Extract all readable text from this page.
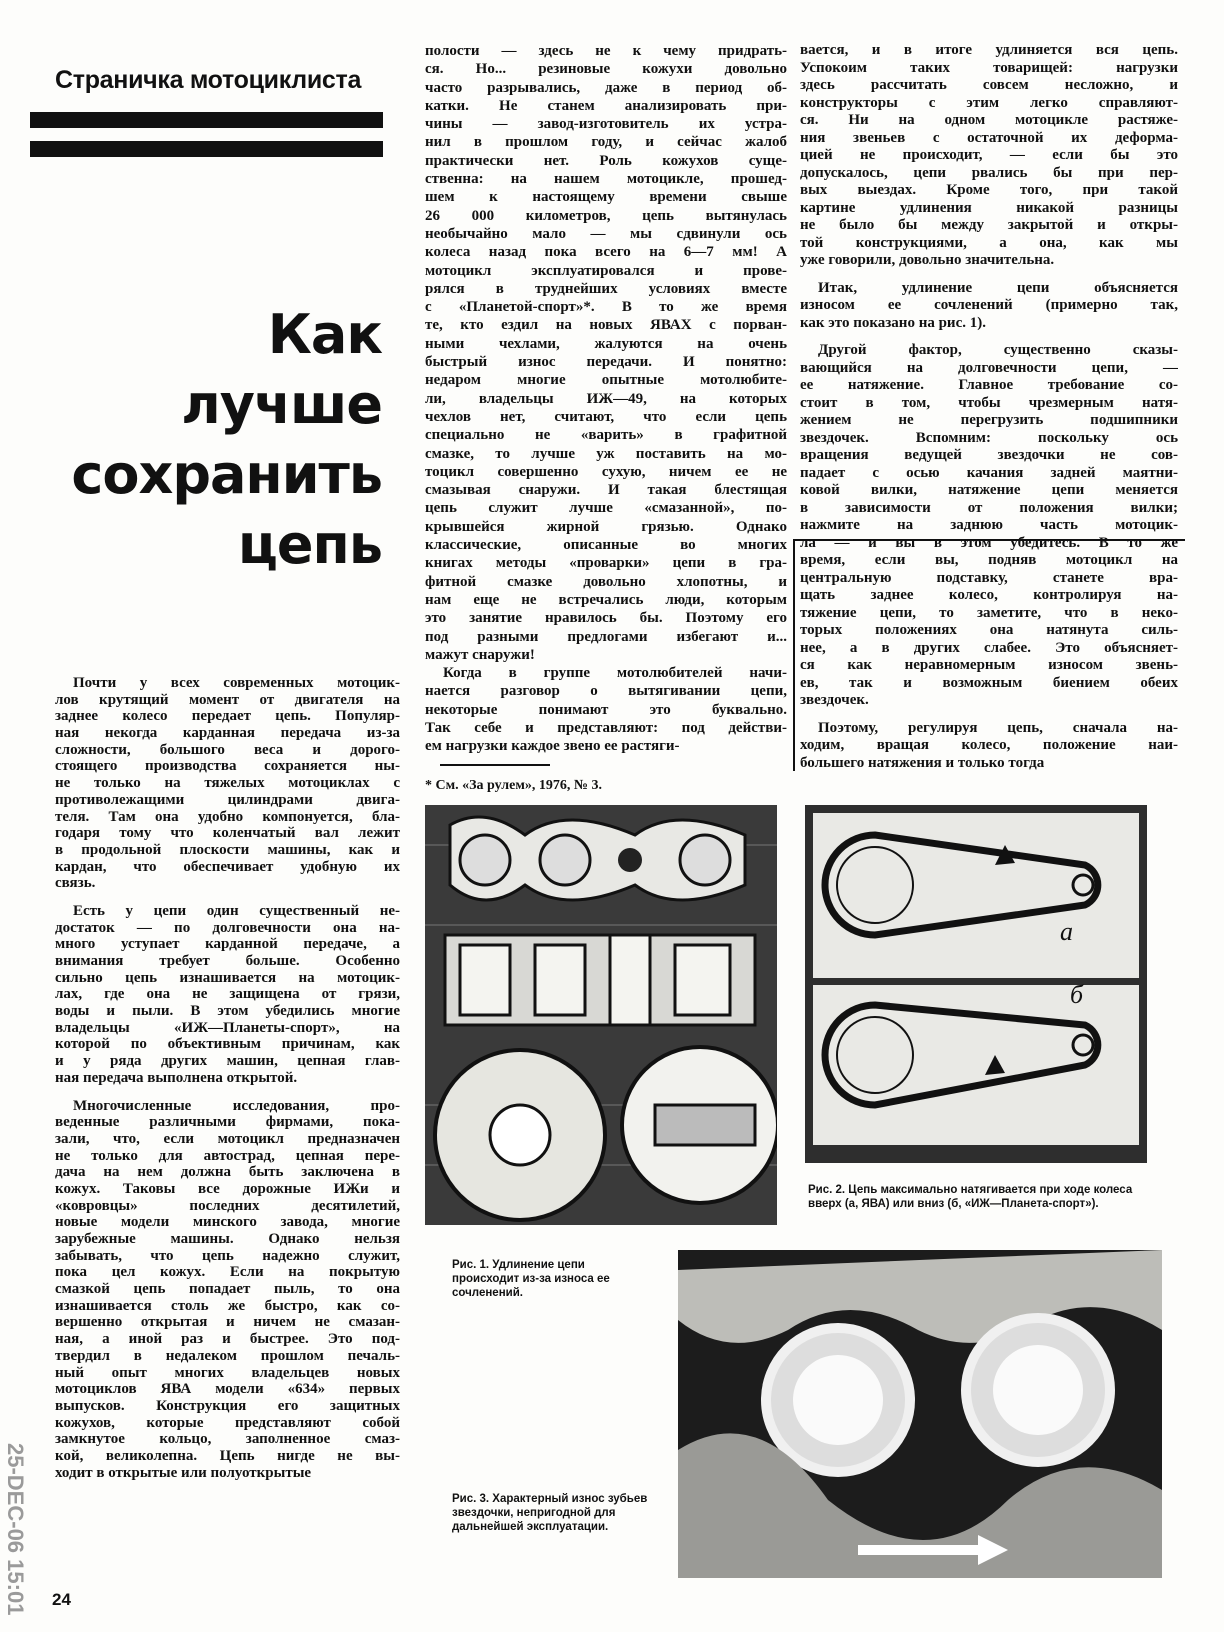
Страничка мотоциклиста
Как
лучше
сохранить
цепь
Почти у всех современных мотоцик-
лов крутящий момент от двигателя на
заднее колесо передает цепь. Популяр-
ная некогда карданная передача из-за
сложности, большого веса и дорого-
стоящего производства сохраняется ны-
не только на тяжелых мотоциклах с
противолежащими цилиндрами двига-
теля. Там она удобно компонуется, бла-
годаря тому что коленчатый вал лежит
в продольной плоскости машины, как и
кардан, что обеспечивает удобную их
связь.
Есть у цепи один существенный не-
достаток — по долговечности она на-
много уступает карданной передаче, а
внимания требует больше. Особенно
сильно цепь изнашивается на мотоцик-
лах, где она не защищена от грязи,
воды и пыли. В этом убедились многие
владельцы «ИЖ—Планеты-спорт», на
которой по объективным причинам, как
и у ряда других машин, цепная глав-
ная передача выполнена открытой.
Многочисленные исследования, про-
веденные различными фирмами, пока-
зали, что, если мотоцикл предназначен
не только для автострад, цепная пере-
дача на нем должна быть заключена в
кожух. Таковы все дорожные ИЖи и
«ковровцы» последних десятилетий,
новые модели минского завода, многие
зарубежные машины. Однако нельзя
забывать, что цепь надежно служит,
пока цел кожух. Если на покрытую
смазкой цепь попадает пыль, то она
изнашивается столь же быстро, как со-
вершенно открытая и ничем не смазан-
ная, а иной раз и быстрее. Это под-
твердил в недалеком прошлом печаль-
ный опыт многих владельцев новых
мотоциклов ЯВА модели «634» первых
выпусков. Конструкция его защитных
кожухов, которые представляют собой
замкнутое кольцо, заполненное смаз-
кой, великолепна. Цепь нигде не вы-
ходит в открытые или полуоткрытые
полости — здесь не к чему придрать-
ся. Но... резиновые кожухи довольно
часто разрывались, даже в период об-
катки. Не станем анализировать при-
чины — завод-изготовитель их устра-
нил в прошлом году, и сейчас жалоб
практически нет. Роль кожухов суще-
ственна: на нашем мотоцикле, прошед-
шем к настоящему времени свыше
26 000 километров, цепь вытянулась
необычайно мало — мы сдвинули ось
колеса назад пока всего на 6—7 мм! А
мотоцикл эксплуатировался и прове-
рялся в труднейших условиях вместе
с «Планетой-спорт»*. В то же время
те, кто ездил на новых ЯВАХ с порван-
ными чехлами, жалуются на очень
быстрый износ передачи. И понятно:
недаром многие опытные мотолюбите-
ли, владельцы ИЖ—49, на которых
чехлов нет, считают, что если цепь
специально не «варить» в графитной
смазке, то лучше уж поставить на мо-
тоцикл совершенно сухую, ничем ее не
смазывая снаружи. И такая блестящая
цепь служит лучше «смазанной», по-
крывшейся жирной грязью. Однако
классические, описанные во многих
книгах методы «проварки» цепи в гра-
фитной смазке довольно хлопотны, и
нам еще не встречались люди, которым
это занятие нравилось бы. Поэтому его
под разными предлогами избегают и...
мажут снаружи!
Когда в группе мотолюбителей начи-
нается разговор о вытягивании цепи,
некоторые понимают это буквально.
Так себе и представляют: под действи-
ем нагрузки каждое звено ее растяги-
вается, и в итоге удлиняется вся цепь.
Успокоим таких товарищей: нагрузки
здесь рассчитать совсем несложно, и
конструкторы с этим легко справляют-
ся. Ни на одном мотоцикле растяже-
ния звеньев с остаточной их деформа-
цией не происходит, — если бы это
допускалось, цепи рвались бы при пер-
вых выездах. Кроме того, при такой
картине удлинения никакой разницы
не было бы между закрытой и откры-
той конструкциями, а она, как мы
уже говорили, довольно значительна.
Итак, удлинение цепи объясняется
износом ее сочленений (примерно так,
как это показано на рис. 1).
Другой фактор, существенно сказы-
вающийся на долговечности цепи, —
ее натяжение. Главное требование со-
стоит в том, чтобы чрезмерным натя-
жением не перегрузить подшипники
звездочек. Вспомним: поскольку ось
вращения ведущей звездочки не сов-
падает с осью качания задней маятни-
ковой вилки, натяжение цепи меняется
в зависимости от положения вилки;
нажмите на заднюю часть мотоцик-
ла — и вы в этом убедитесь. В то же
время, если вы, подняв мотоцикл на
центральную подставку, станете вра-
щать заднее колесо, контролируя на-
тяжение цепи, то заметите, что в неко-
торых положениях она натянута силь-
нее, а в других слабее. Это объясняет-
ся как неравномерным износом звень-
ев, так и возможным биением обеих
звездочек.
Поэтому, регулируя цепь, сначала на-
ходим, вращая колесо, положение наи-
большего натяжения и только тогда
* См. «За рулем», 1976, № 3.
Рис. 1. Удлинение цепи происходит из-за износа ее сочленений.
а
б
Рис. 2. Цепь максимально натягивается при ходе колеса вверх (а, ЯВА) или вниз (б, «ИЖ—Планета-спорт»).
Рис. 3. Характерный износ зубьев звездочки, непригодной для дальнейшей эксплуатации.
24
25-DEC-06 15:01
